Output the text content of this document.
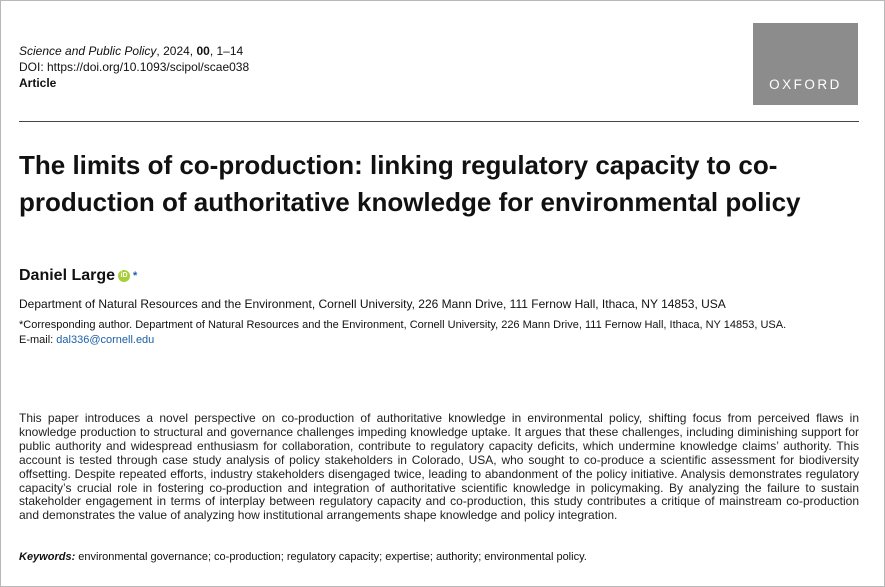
Science and Public Policy, 2024, 00, 1–14
DOI: https://doi.org/10.1093/scipol/scae038
Article	OXFORD
The limits of co-production: linking regulatory capacity to co-production of authoritative knowledge for environmental policy
Daniel Large iD *
Department of Natural Resources and the Environment, Cornell University, 226 Mann Drive, 111 Fernow Hall, Ithaca, NY 14853, USA
*Corresponding author. Department of Natural Resources and the Environment, Cornell University, 226 Mann Drive, 111 Fernow Hall, Ithaca, NY 14853, USA.
E-mail: dal336@cornell.edu

This paper introduces a novel perspective on co-production of authoritative knowledge in environmental policy, shifting focus from perceived flaws in knowledge production to structural and governance challenges impeding knowledge uptake. It argues that these challenges, including diminishing support for public authority and widespread enthusiasm for collaboration, contribute to regulatory capacity deficits, which undermine knowledge claims’ authority. This account is tested through case study analysis of policy stakeholders in Colorado, USA, who sought to co-produce a scientific assessment for biodiversity offsetting. Despite repeated efforts, industry stakeholders disengaged twice, leading to abandonment of the policy initiative. Analysis demonstrates regulatory capacity’s crucial role in fostering co-production and integration of authoritative scientific knowledge in policymaking. By analyzing the failure to sustain stakeholder engagement in terms of interplay between regulatory capacity and co-production, this study contributes a critique of mainstream co-production and demonstrates the value of analyzing how institutional arrangements shape knowledge and policy integration.

Keywords: environmental governance; co-production; regulatory capacity; expertise; authority; environmental policy.
